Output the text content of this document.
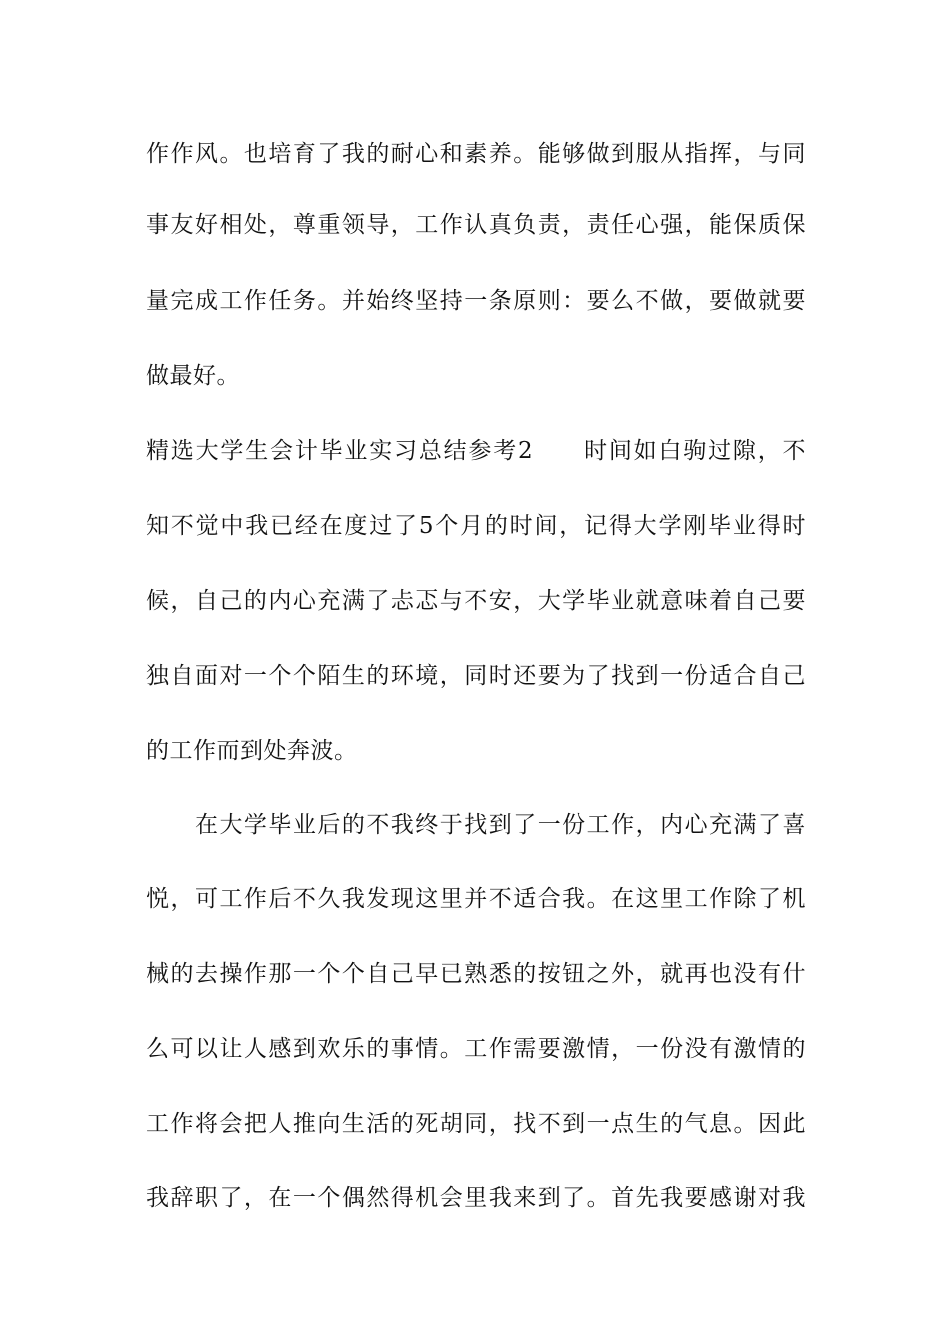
作作风。也培育了我的耐心和素养。能够做到服从指挥，与同
事友好相处，尊重领导，工作认真负责，责任心强，能保质保
量完成工作任务。并始终坚持一条原则：要么不做，要做就要
做最好。
精选大学生会计毕业实习总结参考2　　时间如白驹过隙，不
知不觉中我已经在度过了5个月的时间，记得大学刚毕业得时
候，自己的内心充满了忐忑与不安，大学毕业就意味着自己要
独自面对一个个陌生的环境，同时还要为了找到一份适合自己
的工作而到处奔波。
　　在大学毕业后的不我终于找到了一份工作，内心充满了喜
悦，可工作后不久我发现这里并不适合我。在这里工作除了机
械的去操作那一个个自己早已熟悉的按钮之外，就再也没有什
么可以让人感到欢乐的事情。工作需要激情，一份没有激情的
工作将会把人推向生活的死胡同，找不到一点生的气息。因此
我辞职了，在一个偶然得机会里我来到了。首先我要感谢对我
